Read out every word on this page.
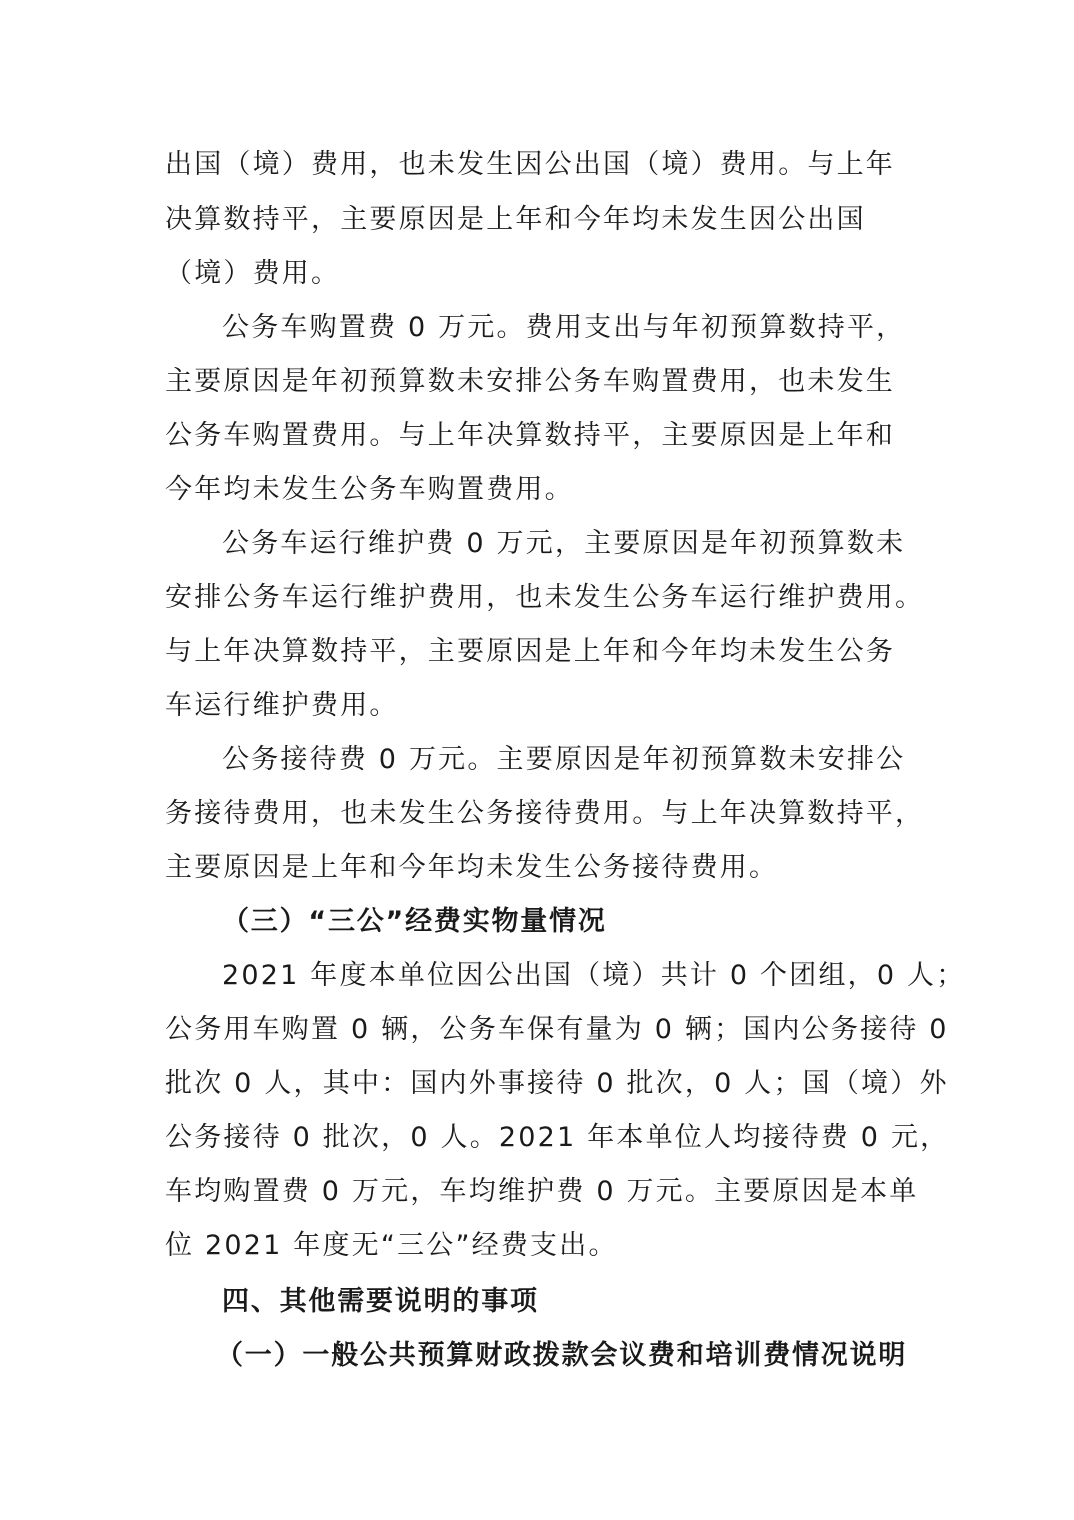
出国（境）费用，也未发生因公出国（境）费用。与上年
决算数持平，主要原因是上年和今年均未发生因公出国
（境）费用。
公务车购置费 0 万元。费用支出与年初预算数持平，
主要原因是年初预算数未安排公务车购置费用，也未发生
公务车购置费用。与上年决算数持平，主要原因是上年和
今年均未发生公务车购置费用。
公务车运行维护费 0 万元，主要原因是年初预算数未
安排公务车运行维护费用，也未发生公务车运行维护费用。
与上年决算数持平，主要原因是上年和今年均未发生公务
车运行维护费用。
公务接待费 0 万元。主要原因是年初预算数未安排公
务接待费用，也未发生公务接待费用。与上年决算数持平，
主要原因是上年和今年均未发生公务接待费用。
（三）“三公”经费实物量情况
2021 年度本单位因公出国（境）共计 0 个团组，0 人；
公务用车购置 0 辆，公务车保有量为 0 辆；国内公务接待 0
批次 0 人，其中：国内外事接待 0 批次，0 人；国（境）外
公务接待 0 批次，0 人。2021 年本单位人均接待费 0 元，
车均购置费 0 万元，车均维护费 0 万元。主要原因是本单
位 2021 年度无“三公”经费支出。
四、其他需要说明的事项
（一）一般公共预算财政拨款会议费和培训费情况说明
